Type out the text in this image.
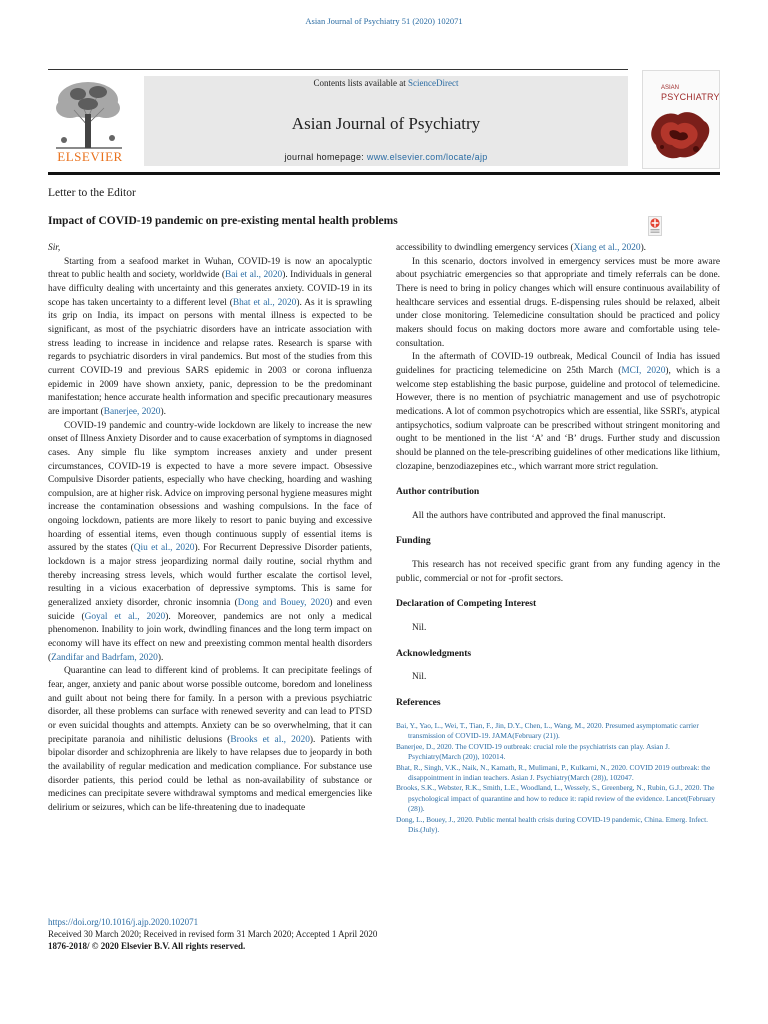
Asian Journal of Psychiatry 51 (2020) 102071
ELSEVIER
Contents lists available at ScienceDirect
Asian Journal of Psychiatry
journal homepage: www.elsevier.com/locate/ajp
ASIAN
PSYCHIATRY
Letter to the Editor
Impact of COVID-19 pandemic on pre-existing mental health problems

Sir,

Starting from a seafood market in Wuhan, COVID-19 is now an apocalyptic threat to public health and society, worldwide (Bai et al., 2020). Individuals in general have difficulty dealing with uncertainty and this generates anxiety. COVID-19 in its scope has taken uncertainty to a different level (Bhat et al., 2020). As it is sprawling its grip on India, its impact on persons with mental illness is expected to be significant, as most of the psychiatric disorders have an intricate association with stress leading to increase in incidence and relapse rates. Research is sparse with regards to psychiatric disorders in viral pandemics. But most of the studies from this current COVID-19 and previous SARS epidemic in 2003 or corona influenza epidemic in 2009 have shown anxiety, panic, depression to be the predominant manifestation; hence accurate health information and specific precautionary measures are important (Banerjee, 2020).

COVID-19 pandemic and country-wide lockdown are likely to increase the new onset of Illness Anxiety Disorder and to cause exacerbation of symptoms in diagnosed cases. Any simple flu like symptom increases anxiety and under present circumstances, COVID-19 is expected to have a more severe impact. Obsessive Compulsive Disorder patients, especially who have checking, hoarding and washing compulsion, are at higher risk. Advice on improving personal hygiene measures might increase the contamination obsessions and washing compulsions. In the face of ongoing lockdown, patients are more likely to resort to panic buying and excessive hoarding of essential items, even though continuous supply of essential items is assured by the states (Qiu et al., 2020). For Recurrent Depressive Disorder patients, lockdown is a major stress jeopardizing normal daily routine, social rhythm and thereby increasing stress levels, which would further escalate the cortisol level, resulting in a vicious exacerbation of depressive symptoms. This is same for generalized anxiety disorder, chronic insomnia (Dong and Bouey, 2020) and even suicide (Goyal et al., 2020). Moreover, pandemics are not only a medical phenomenon. Inability to join work, dwindling finances and the long term impact on economy will have its effect on new and preexisting common mental health disorders (Zandifar and Badrfam, 2020).

Quarantine can lead to different kind of problems. It can precipitate feelings of fear, anger, anxiety and panic about worse possible outcome, boredom and loneliness and guilt about not being there for family. In a person with a previous psychiatric disorder, all these problems can surface with renewed severity and can lead to PTSD or even suicidal thoughts and attempts. Anxiety can be so overwhelming, that it can precipitate paranoia and nihilistic delusions (Brooks et al., 2020). Patients with bipolar disorder and schizophrenia are likely to have relapses due to jeopardy in both the availability of regular medication and medication compliance. For substance use disorder patients, this period could be lethal as non-availability of substance or medicines can precipitate severe withdrawal symptoms and medical emergencies like delirium or seizures, which can be life-threatening due to inadequate

accessibility to dwindling emergency services (Xiang et al., 2020).

In this scenario, doctors involved in emergency services must be more aware about psychiatric emergencies so that appropriate and timely referrals can be done. There is need to bring in policy changes which will ensure continuous availability of healthcare services and essential drugs. E-dispensing rules should be relaxed, albeit under close monitoring. Telemedicine consultation should be practiced and policy makers should focus on making doctors more aware and comfortable using tele-consultation.

In the aftermath of COVID-19 outbreak, Medical Council of India has issued guidelines for practicing telemedicine on 25th March (MCI, 2020), which is a welcome step establishing the basic purpose, guideline and protocol of telemedicine. However, there is no mention of psychiatric management and use of psychotropic medications. A lot of common psychotropics which are essential, like SSRI's, atypical antipsychotics, sodium valproate can be prescribed without stringent monitoring and ought to be mentioned in the list ‘A’ and ‘B’ drugs. Further study and discussion should be planned on the tele-prescribing guidelines of other medications like lithium, clozapine, benzodiazepines etc., which warrant more strict regulation.

Author contribution

All the authors have contributed and approved the final manuscript.

Funding

This research has not received specific grant from any funding agency in the public, commercial or not for -profit sectors.

Declaration of Competing Interest

Nil.

Acknowledgments

Nil.

References
Bai, Y., Yao, L., Wei, T., Tian, F., Jin, D.Y., Chen, L., Wang, M., 2020. Presumed asymptomatic carrier transmission of COVID-19. JAMA(February (21)).
Banerjee, D., 2020. The COVID-19 outbreak: crucial role the psychiatrists can play. Asian J. Psychiatry(March (20)), 102014.
Bhat, R., Singh, V.K., Naik, N., Kamath, R., Mulimani, P., Kulkarni, N., 2020. COVID 2019 outbreak: the disappointment in indian teachers. Asian J. Psychiatry(March (28)), 102047.
Brooks, S.K., Webster, R.K., Smith, L.E., Woodland, L., Wessely, S., Greenberg, N., Rubin, G.J., 2020. The psychological impact of quarantine and how to reduce it: rapid review of the evidence. Lancet(February (28)).
Dong, L., Bouey, J., 2020. Public mental health crisis during COVID-19 pandemic, China. Emerg. Infect. Dis.(July).
https://doi.org/10.1016/j.ajp.2020.102071
Received 30 March 2020; Received in revised form 31 March 2020; Accepted 1 April 2020
1876-2018/ © 2020 Elsevier B.V. All rights reserved.
